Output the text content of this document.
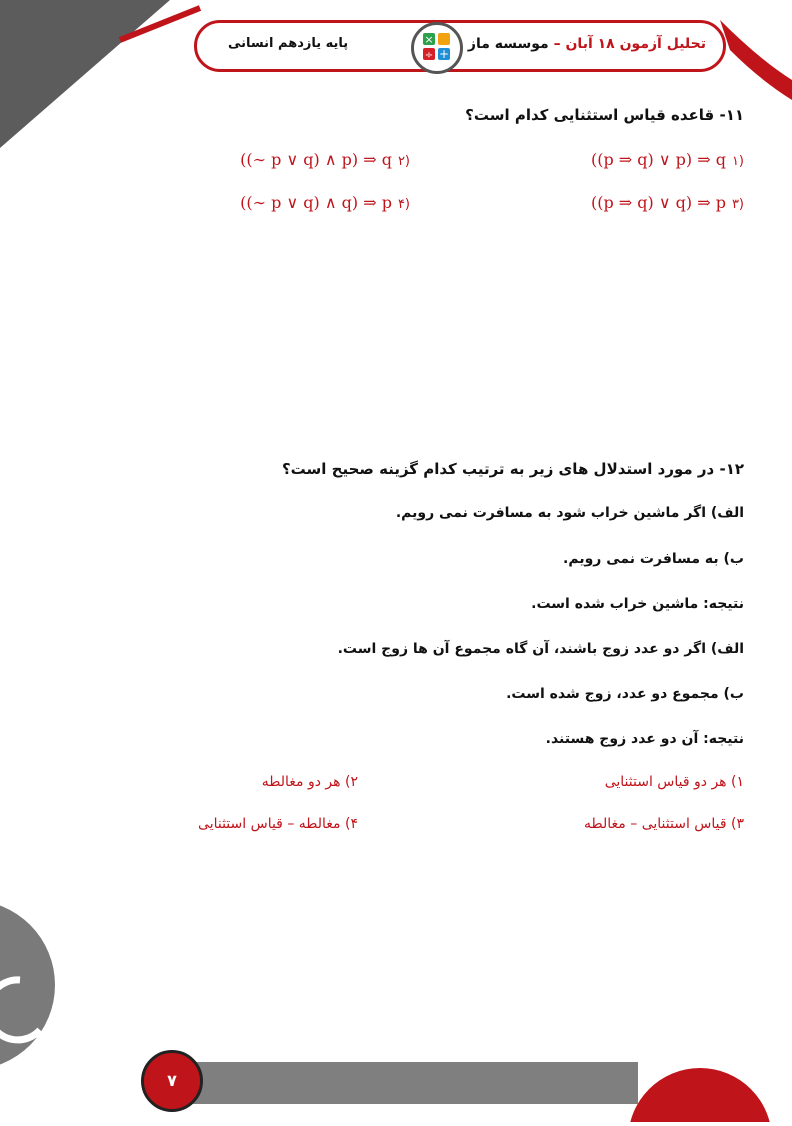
تحلیل آزمون ۱۸ آبان – موسسه ماز
پایه یازدهم انسانی	×
÷ +
۱۱- قاعده قیاس استثنایی کدام است؟
((p ⇒ q) ∨ p) ⇒ q ۱)
((∼ p ∨ q) ∧ p) ⇒ q ۲)
((p ⇒ q) ∨ q) ⇒ p ۳)
((∼ p ∨ q) ∧ q) ⇒ p ۴)
۱۲- در مورد استدلال های زیر به ترتیب کدام گزینه صحیح است؟
الف) اگر ماشین خراب شود به مسافرت نمی رویم.
ب) به مسافرت نمی رویم.
نتیجه: ماشین خراب شده است.
الف) اگر دو عدد زوج باشند، آن گاه مجموع آن ها زوج است.
ب) مجموع دو عدد، زوج شده است.
نتیجه: آن دو عدد زوج هستند.
۱) هر دو قیاس استثنایی
۲) هر دو مغالطه
۳) قیاس استثنایی – مغالطه
۴) مغالطه – قیاس استثنایی
۷
